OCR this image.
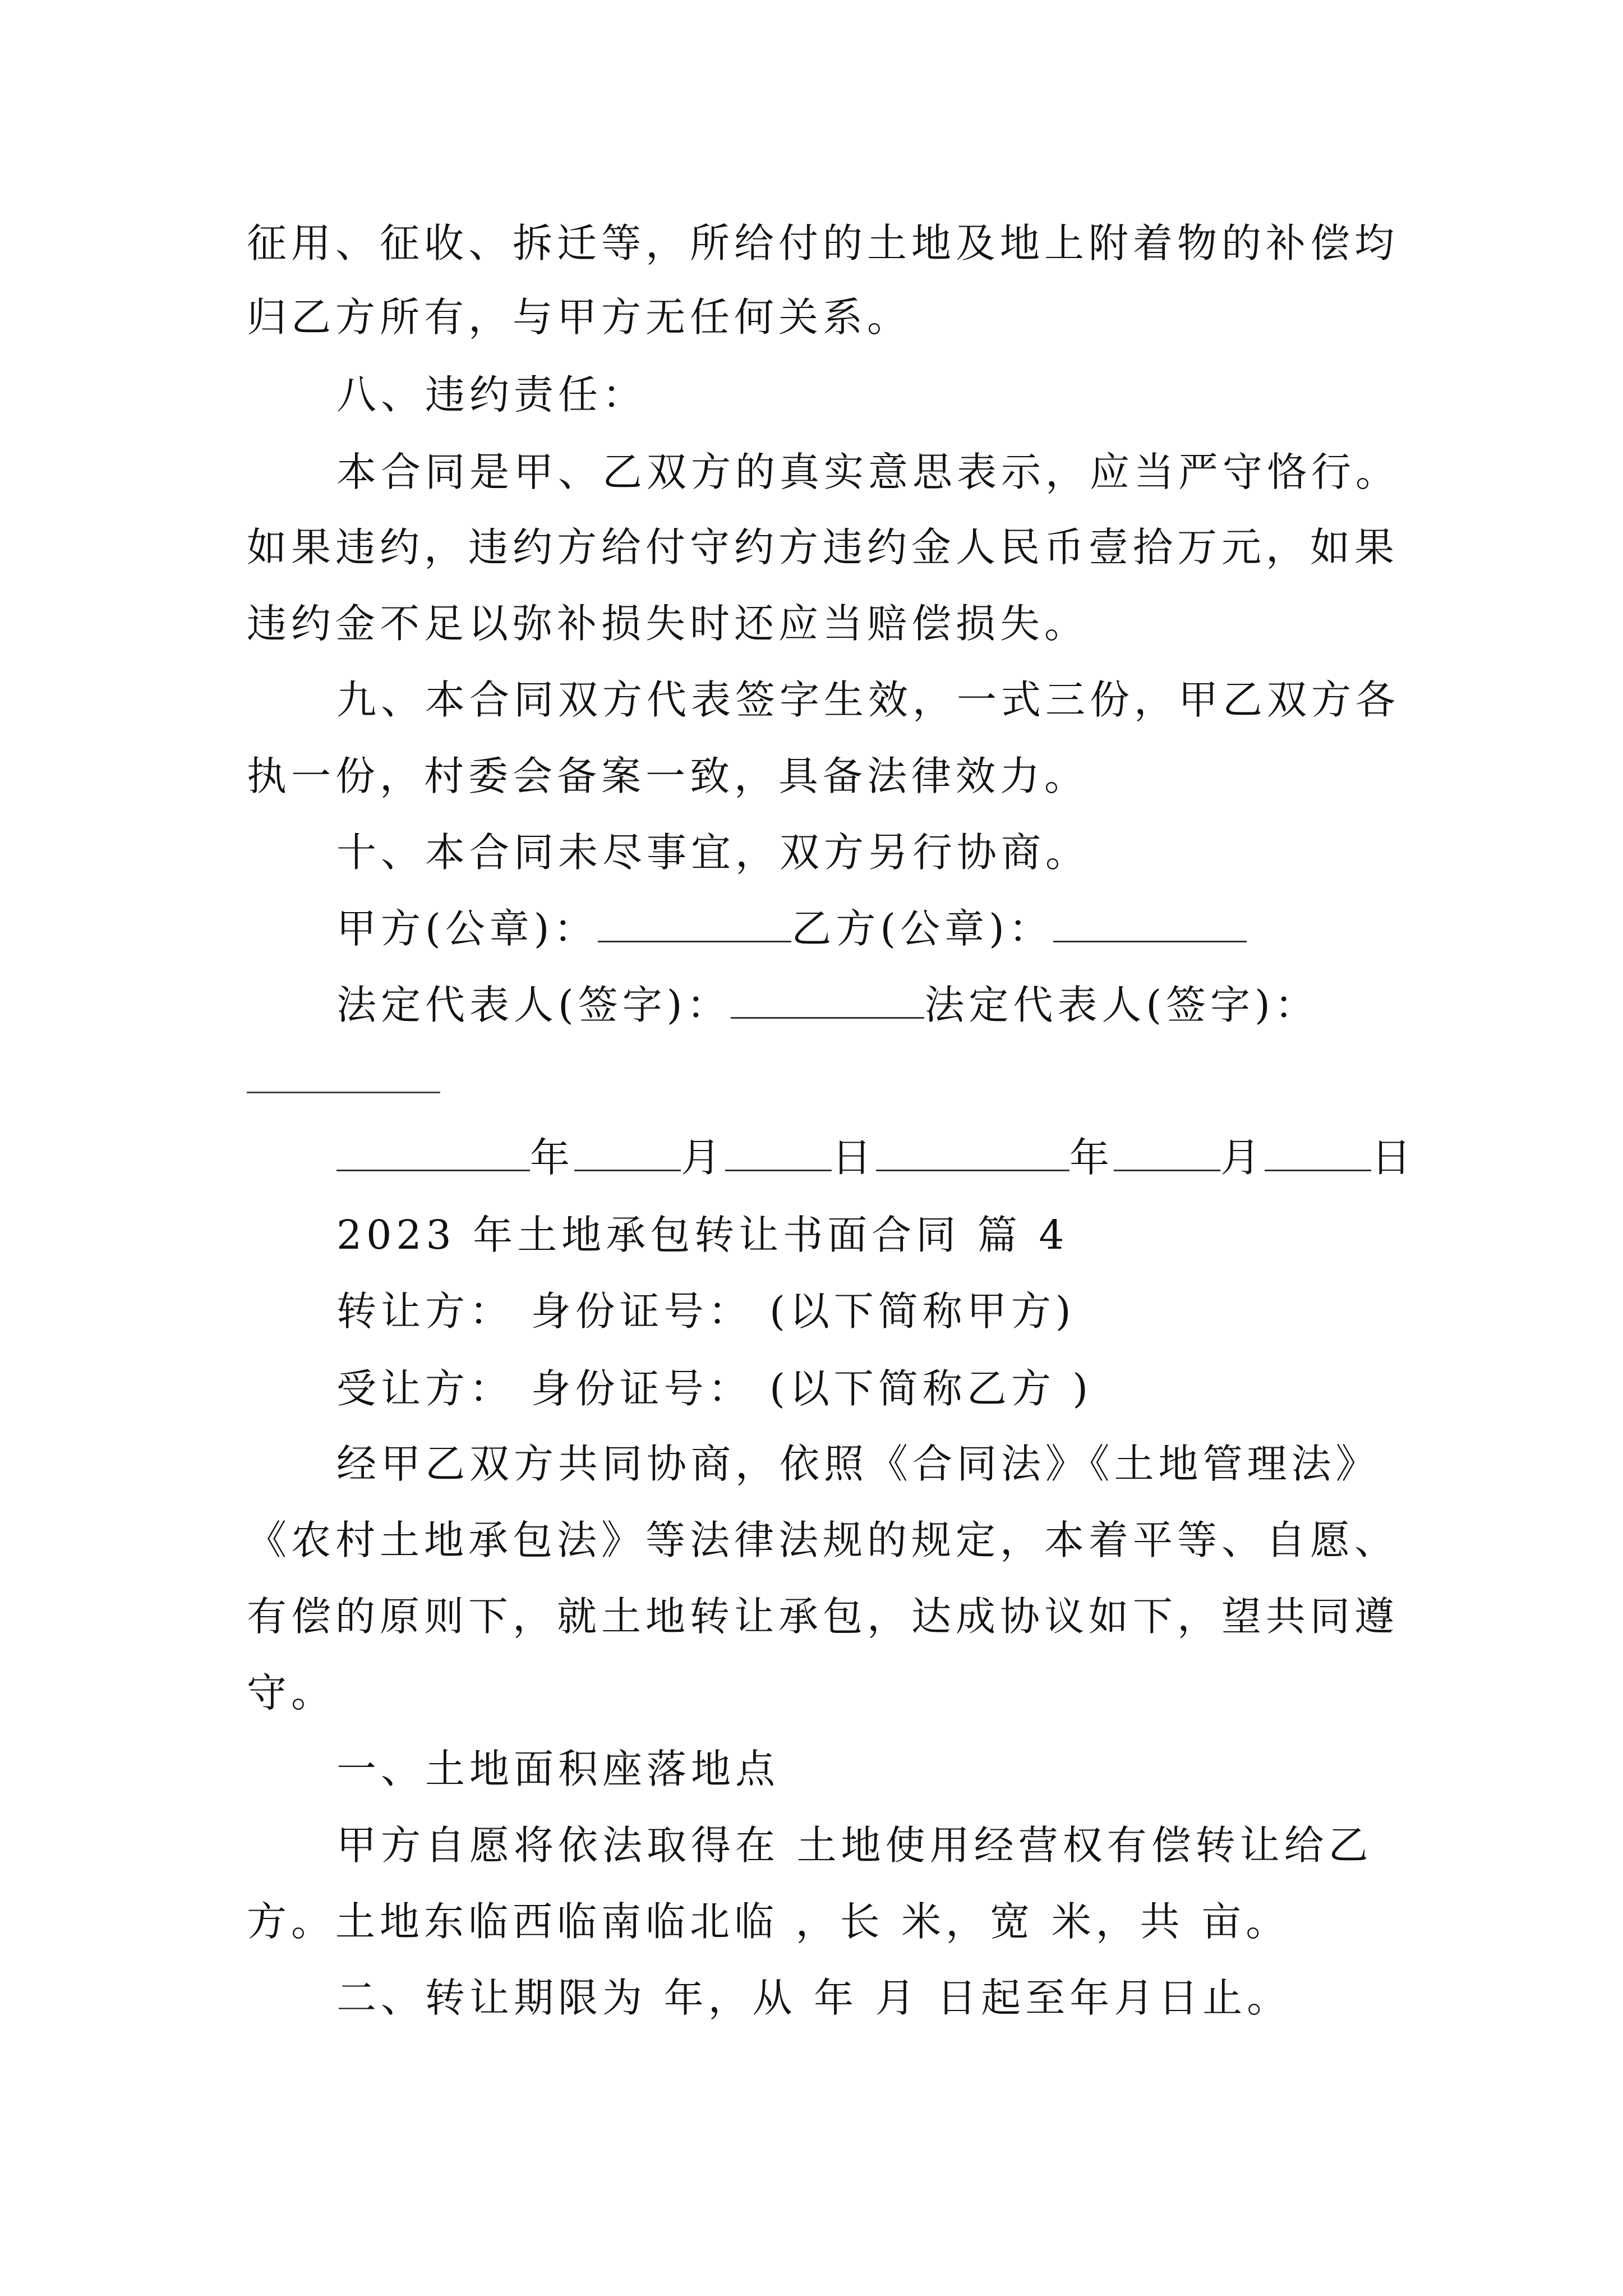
征用、征收、拆迁等，所给付的土地及地上附着物的补偿均
归乙方所有，与甲方无任何关系。
八、违约责任：
本合同是甲、乙双方的真实意思表示，应当严守恪行。
如果违约，违约方给付守约方违约金人民币壹拾万元，如果
违约金不足以弥补损失时还应当赔偿损失。
九、本合同双方代表签字生效，一式三份，甲乙双方各
执一份，村委会备案一致，具备法律效力。
十、本合同未尽事宜，双方另行协商。
甲方(公章)：	乙方(公章)：
法定代表人(签字)：	法定代表人(签字)：
年	月	日	年	月	日
2023 年土地承包转让书面合同 篇 4
转让方： 身份证号： (以下简称甲方)
受让方： 身份证号： (以下简称乙方 )
经甲乙双方共同协商，依照《合同法》《土地管理法》
《农村土地承包法》等法律法规的规定，本着平等、自愿、
有偿的原则下，就土地转让承包，达成协议如下，望共同遵
守。
一、土地面积座落地点
甲方自愿将依法取得在 土地使用经营权有偿转让给乙
方。土地东临西临南临北临 ，长 米，宽 米，共 亩。
二、转让期限为 年，从 年 月 日起至年月日止。
